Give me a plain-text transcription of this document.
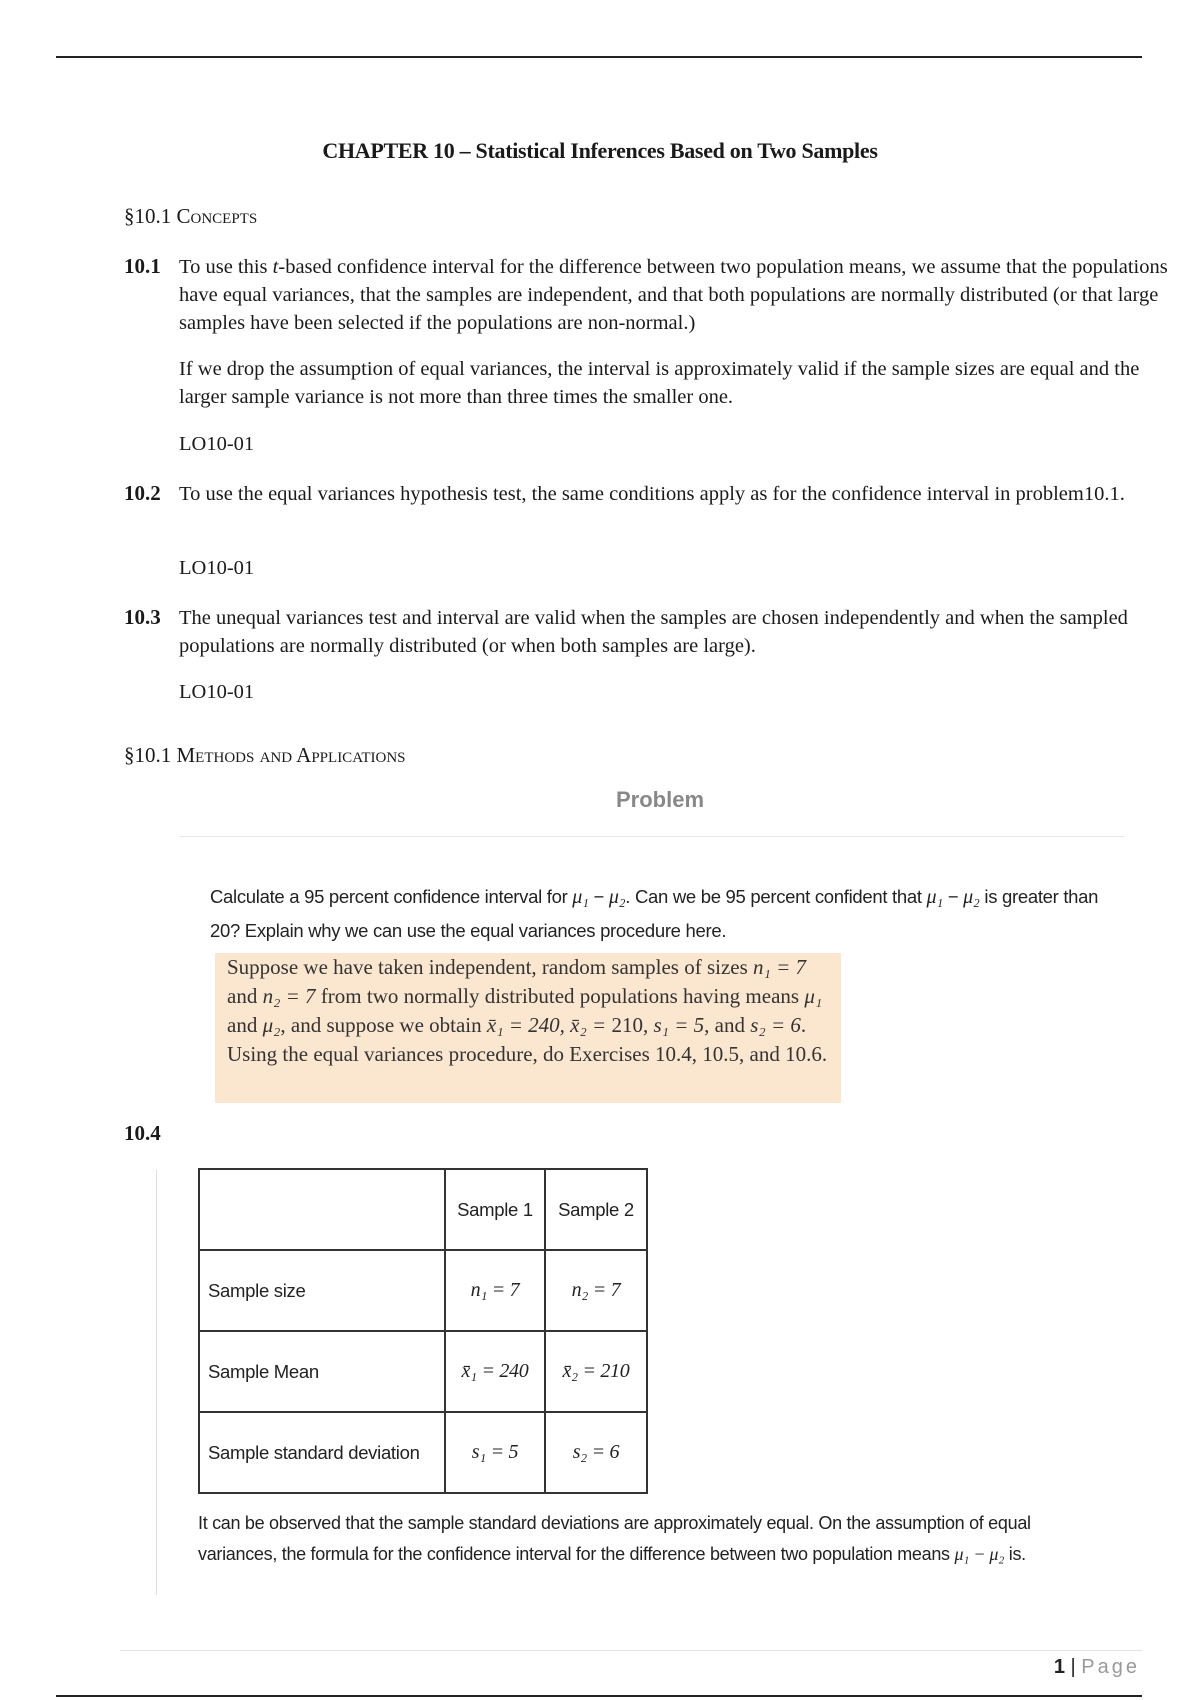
CHAPTER 10 – Statistical Inferences Based on Two Samples
§10.1 Concepts
10.1 To use this t-based confidence interval for the difference between two population means, we assume that the populations have equal variances, that the samples are independent, and that both populations are normally distributed (or that large samples have been selected if the populations are non-normal.)
If we drop the assumption of equal variances, the interval is approximately valid if the sample sizes are equal and the larger sample variance is not more than three times the smaller one.
LO10-01
10.2 To use the equal variances hypothesis test, the same conditions apply as for the confidence interval in problem10.1.
LO10-01
10.3 The unequal variances test and interval are valid when the samples are chosen independently and when the sampled populations are normally distributed (or when both samples are large).
LO10-01
§10.1 Methods and Applications
Problem
Calculate a 95 percent confidence interval for μ₁ − μ₂. Can we be 95 percent confident that μ₁ − μ₂ is greater than 20? Explain why we can use the equal variances procedure here.
Suppose we have taken independent, random samples of sizes n₁ = 7 and n₂ = 7 from two normally distributed populations having means μ₁ and μ₂, and suppose we obtain x̄₁ = 240, x̄₂ = 210, s₁ = 5, and s₂ = 6. Using the equal variances procedure, do Exercises 10.4, 10.5, and 10.6.
10.4
	Sample 1	Sample 2
Sample size	n₁ = 7	n₂ = 7
Sample Mean	x̄₁ = 240	x̄₂ = 210
Sample standard deviation	s₁ = 5	s₂ = 6
It can be observed that the sample standard deviations are approximately equal. On the assumption of equal variances, the formula for the confidence interval for the difference between two population means μ₁ − μ₂ is.
1 | Page
